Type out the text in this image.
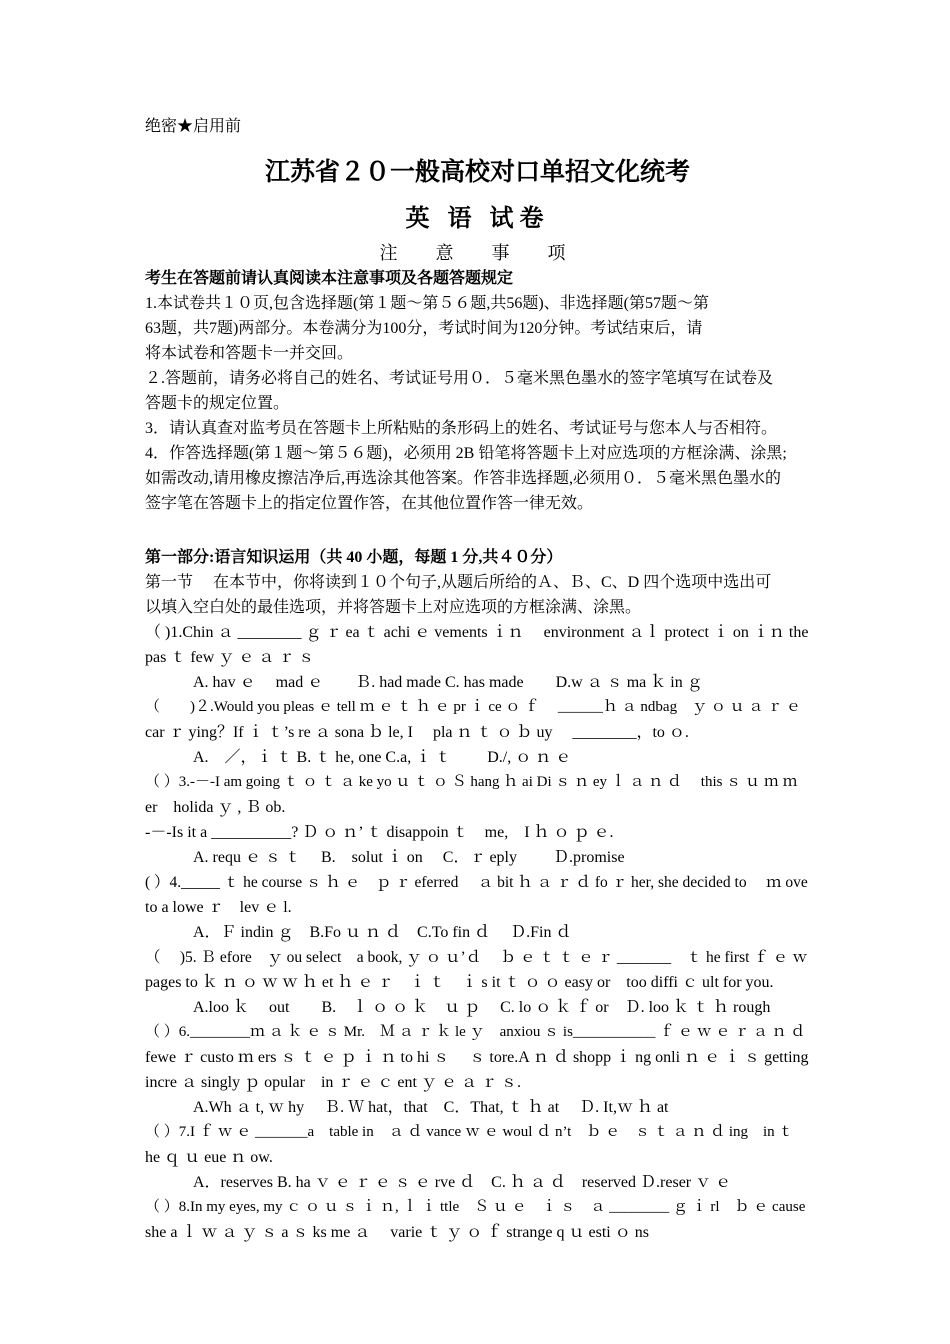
绝密★启用前
江苏省２０一般高校对口单招文化统考
英 语 试卷
注　意　事　项
考生在答题前请认真阅读本注意事项及各题答题规定
1.本试卷共１０页,包含选择题(第１题～第５６题,共56题)、非选择题(第57题～第
63题，共7题)两部分。本卷满分为100分，考试时间为120分钟。考试结束后，请
将本试卷和答题卡一并交回。
２.答题前，请务必将自己的姓名、考试证号用０．５毫米黑色墨水的签字笔填写在试卷及
答题卡的规定位置。
3．请认真查对监考员在答题卡上所粘贴的条形码上的姓名、考试证号与您本人与否相符。
4．作答选择题(第１题～第５６题)，必须用 2B 铅笔将答题卡上对应选项的方框涂满、涂黑;
如需改动,请用橡皮擦洁净后,再选涂其他答案。作答非选择题,必须用０．５毫米黑色墨水的
签字笔在答题卡上的指定位置作答，在其他位置作答一律无效。
第一部分:语言知识运用（共 40 小题，每题 1 分,共４０分）
第一节　 在本节中，你将读到１０个句子,从题后所给的Ａ、Ｂ、C、D 四个选项中选出可
以填入空白处的最佳选项，并将答题卡上对应选项的方框涂满、涂黑。
（ )1.Chin ａ ________ ｇ ｒ ea ｔ achi ｅ vements ｉｎ　 environment ａｌ protect ｉ on ｉｎ the
pas ｔ few ｙ ｅ ａ ｒ ｓ
A. hav ｅ　 mad ｅ　　Ｂ. had made C. has made　　D.w ａ ｓ ma ｋ in ｇ
（　　)２.Would you pleas ｅ tell ｍ ｅ ｔ ｈ ｅ pr ｉ ce ｏ ｆ　 ______ｈ ａ ndbag　ｙ ｏ ｕ ａ ｒ ｅ
car ｒ ying？If ｉ ｔ’s re ａ sona ｂ le, I　 pla ｎ ｔ ｏ ｂ uy　 ________，to ｏ.
A.　／，ｉ ｔ B. ｔ he, one C.a, ｉ ｔ　　 D./, ｏ ｎ ｅ
（ ）3.-－-I am going ｔ ｏ ｔ ａ ke yo ｕ ｔ ｏ Ｓ hang ｈ ai Di ｓ ｎ ey ｌ ａ ｎ ｄ　 this ｓ ｕ ｍ ｍ
er　holida ｙ , Ｂ ob.
-－-Is it a __________? Ｄ ｏ ｎ’ ｔ disappoin ｔ　me,　I ｈ ｏ ｐ ｅ.
A. requ ｅ ｓ ｔ　 B.　solut ｉ on　 C．ｒ eply　　 Ｄ.promise
( ）4._____ ｔ he course ｓ ｈ ｅ　ｐ ｒ eferred　 ａ bit ｈ ａ ｒ ｄ fo ｒ her, she decided to　 ｍ ove
to a lowe ｒ　lev ｅ l.
A．Ｆ indin ｇ　B.Fo ｕ ｎ ｄ　C.To fin ｄ　 Ｄ.Fin ｄ
（　 )5. Ｂ efore　ｙ ou select　a book, ｙ ｏ ｕ’ｄ　 ｂ ｅ ｔ ｔ ｅ ｒ _______　ｔ he first ｆ ｅ ｗ
pages to ｋ ｎ ｏ ｗ ｗ ｈ et ｈ ｅ ｒ　ｉ ｔ　ｉ s it ｔ ｏ ｏ easy or　too diffi ｃ ult for you.
A.loo ｋ　 out　　B.　ｌ ｏ ｏ ｋ　ｕ ｐ　 C. lo ｏ ｋ ｆ or　Ｄ. loo ｋ ｔ ｈ rough
（ ）6.________ｍ ａ ｋ ｅ ｓ Mr.　Ｍ ａ ｒ ｋ le ｙ　anxiou ｓ is___________ ｆ ｅ ｗ ｅ ｒ ａ ｎ ｄ
fewe ｒ custo ｍ ers ｓ ｔ ｅ ｐ ｉ ｎ to hi ｓ　 ｓ tore.A ｎ ｄ shopp ｉ ng onli ｎ ｅ ｉ ｓ getting
incre ａ singly ｐ opular　in ｒ ｅ ｃ ent ｙ ｅ ａ ｒ ｓ.
A.Wh ａ t, ｗ hy　 Ｂ. Ｗ hat，that　C．That, ｔ ｈ at　 Ｄ. It,ｗ ｈ at
（ ）7.I ｆ ｗ ｅ _______a　table in　ａ ｄ vance ｗ ｅ woul ｄ n’t　ｂ ｅ　ｓ ｔ ａ ｎ ｄ ing　in ｔ
he ｑ ｕ eue ｎ ow.
A．reserves B. ha ｖ ｅ ｒ ｅ ｓ ｅ rve ｄ　C. ｈ ａ ｄ　reserved Ｄ.reser ｖ ｅ
（ ）8.In my eyes, my ｃ ｏ ｕ ｓ ｉ ｎ, ｌ ｉ ttle　Ｓ ｕ ｅ　ｉ ｓ　ａ ________ ｇ ｉ rl　ｂ ｅ cause
she a ｌ ｗ ａ ｙ ｓ a ｓ ks me ａ　 varie ｔ ｙ ｏ ｆ strange q ｕ esti ｏ ns
